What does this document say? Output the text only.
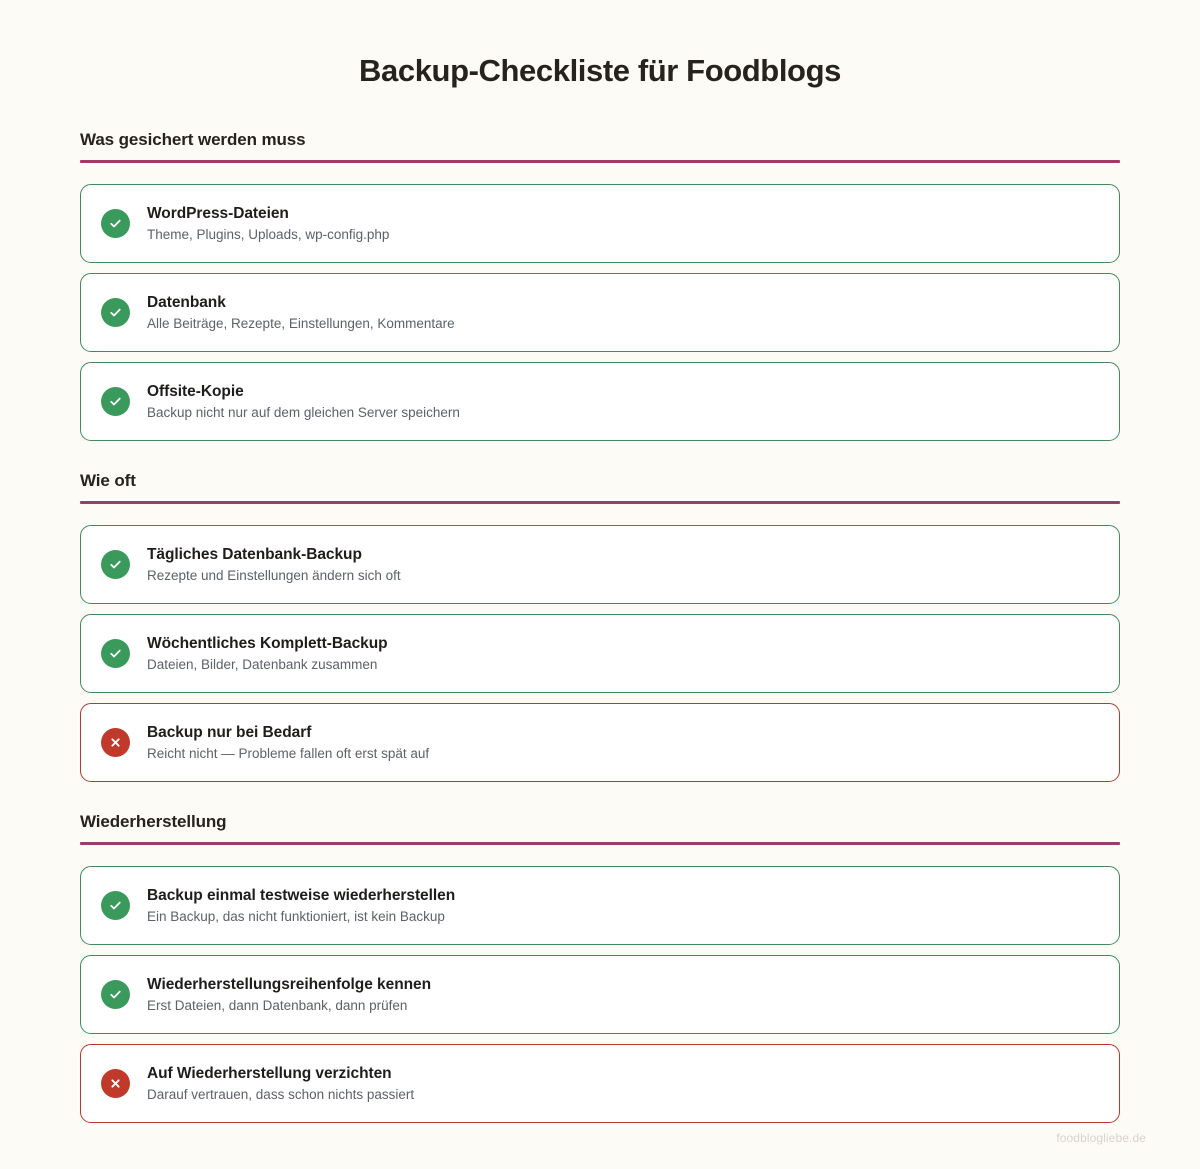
Backup-Checkliste für Foodblogs
Was gesichert werden muss
WordPress-Dateien
Theme, Plugins, Uploads, wp-config.php
Datenbank
Alle Beiträge, Rezepte, Einstellungen, Kommentare
Offsite-Kopie
Backup nicht nur auf dem gleichen Server speichern
Wie oft
Tägliches Datenbank-Backup
Rezepte und Einstellungen ändern sich oft
Wöchentliches Komplett-Backup
Dateien, Bilder, Datenbank zusammen
Backup nur bei Bedarf
Reicht nicht — Probleme fallen oft erst spät auf
Wiederherstellung
Backup einmal testweise wiederherstellen
Ein Backup, das nicht funktioniert, ist kein Backup
Wiederherstellungsreihenfolge kennen
Erst Dateien, dann Datenbank, dann prüfen
Auf Wiederherstellung verzichten
Darauf vertrauen, dass schon nichts passiert
foodblogliebe.de
